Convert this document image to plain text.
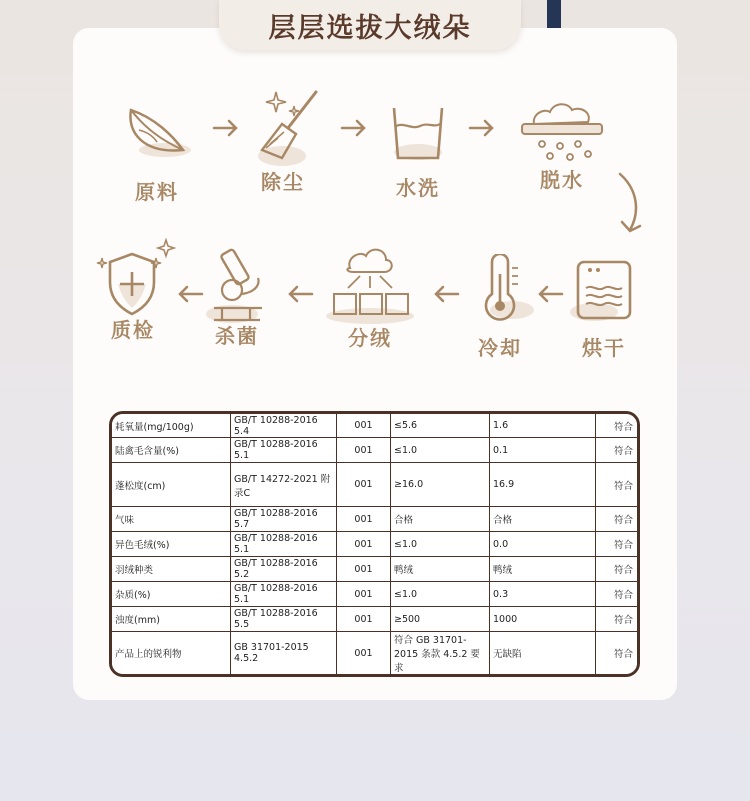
层层选拔大绒朵
原料	除尘	水洗	脱水
烘干
冷却
分绒
杀菌
质检
耗氧量(mg/100g)	GB/T 10288-2016 5.4	001	≤5.6	1.6	符合
陆禽毛含量(%)	GB/T 10288-2016 5.1	001	≤1.0	0.1	符合
蓬松度(cm)	GB/T 14272-2021 附录C	001	≥16.0	16.9	符合
气味	GB/T 10288-2016 5.7	001	合格	合格	符合
异色毛绒(%)	GB/T 10288-2016 5.1	001	≤1.0	0.0	符合
羽绒种类	GB/T 10288-2016 5.2	001	鸭绒	鸭绒	符合
杂质(%)	GB/T 10288-2016 5.1	001	≤1.0	0.3	符合
浊度(mm)	GB/T 10288-2016 5.5	001	≥500	1000	符合
产品上的锐利物	GB 31701-2015 4.5.2	001	符合 GB 31701-2015 条款 4.5.2 要求	无缺陷	符合
